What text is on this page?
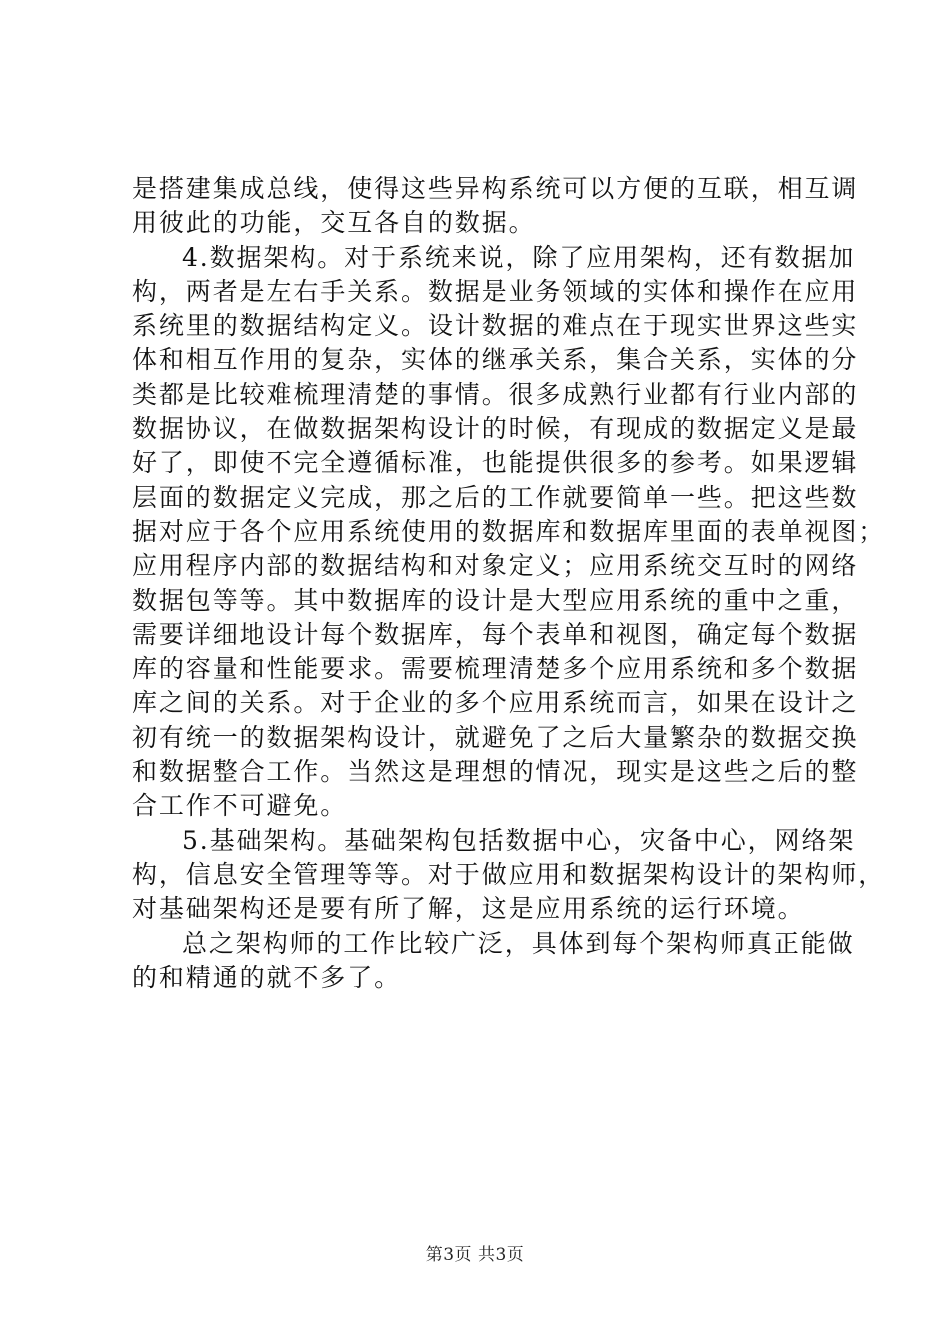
是搭建集成总线，使得这些异构系统可以方便的互联，相互调
用彼此的功能，交互各自的数据。
4.数据架构。对于系统来说，除了应用架构，还有数据加
构，两者是左右手关系。数据是业务领域的实体和操作在应用
系统里的数据结构定义。设计数据的难点在于现实世界这些实
体和相互作用的复杂，实体的继承关系，集合关系，实体的分
类都是比较难梳理清楚的事情。很多成熟行业都有行业内部的
数据协议，在做数据架构设计的时候，有现成的数据定义是最
好了，即使不完全遵循标准，也能提供很多的参考。如果逻辑
层面的数据定义完成，那之后的工作就要简单一些。把这些数
据对应于各个应用系统使用的数据库和数据库里面的表单视图；
应用程序内部的数据结构和对象定义；应用系统交互时的网络
数据包等等。其中数据库的设计是大型应用系统的重中之重，
需要详细地设计每个数据库，每个表单和视图，确定每个数据
库的容量和性能要求。需要梳理清楚多个应用系统和多个数据
库之间的关系。对于企业的多个应用系统而言，如果在设计之
初有统一的数据架构设计，就避免了之后大量繁杂的数据交换
和数据整合工作。当然这是理想的情况，现实是这些之后的整
合工作不可避免。
5.基础架构。基础架构包括数据中心，灾备中心，网络架
构，信息安全管理等等。对于做应用和数据架构设计的架构师，
对基础架构还是要有所了解，这是应用系统的运行环境。
总之架构师的工作比较广泛，具体到每个架构师真正能做
的和精通的就不多了。
第3页 共3页
